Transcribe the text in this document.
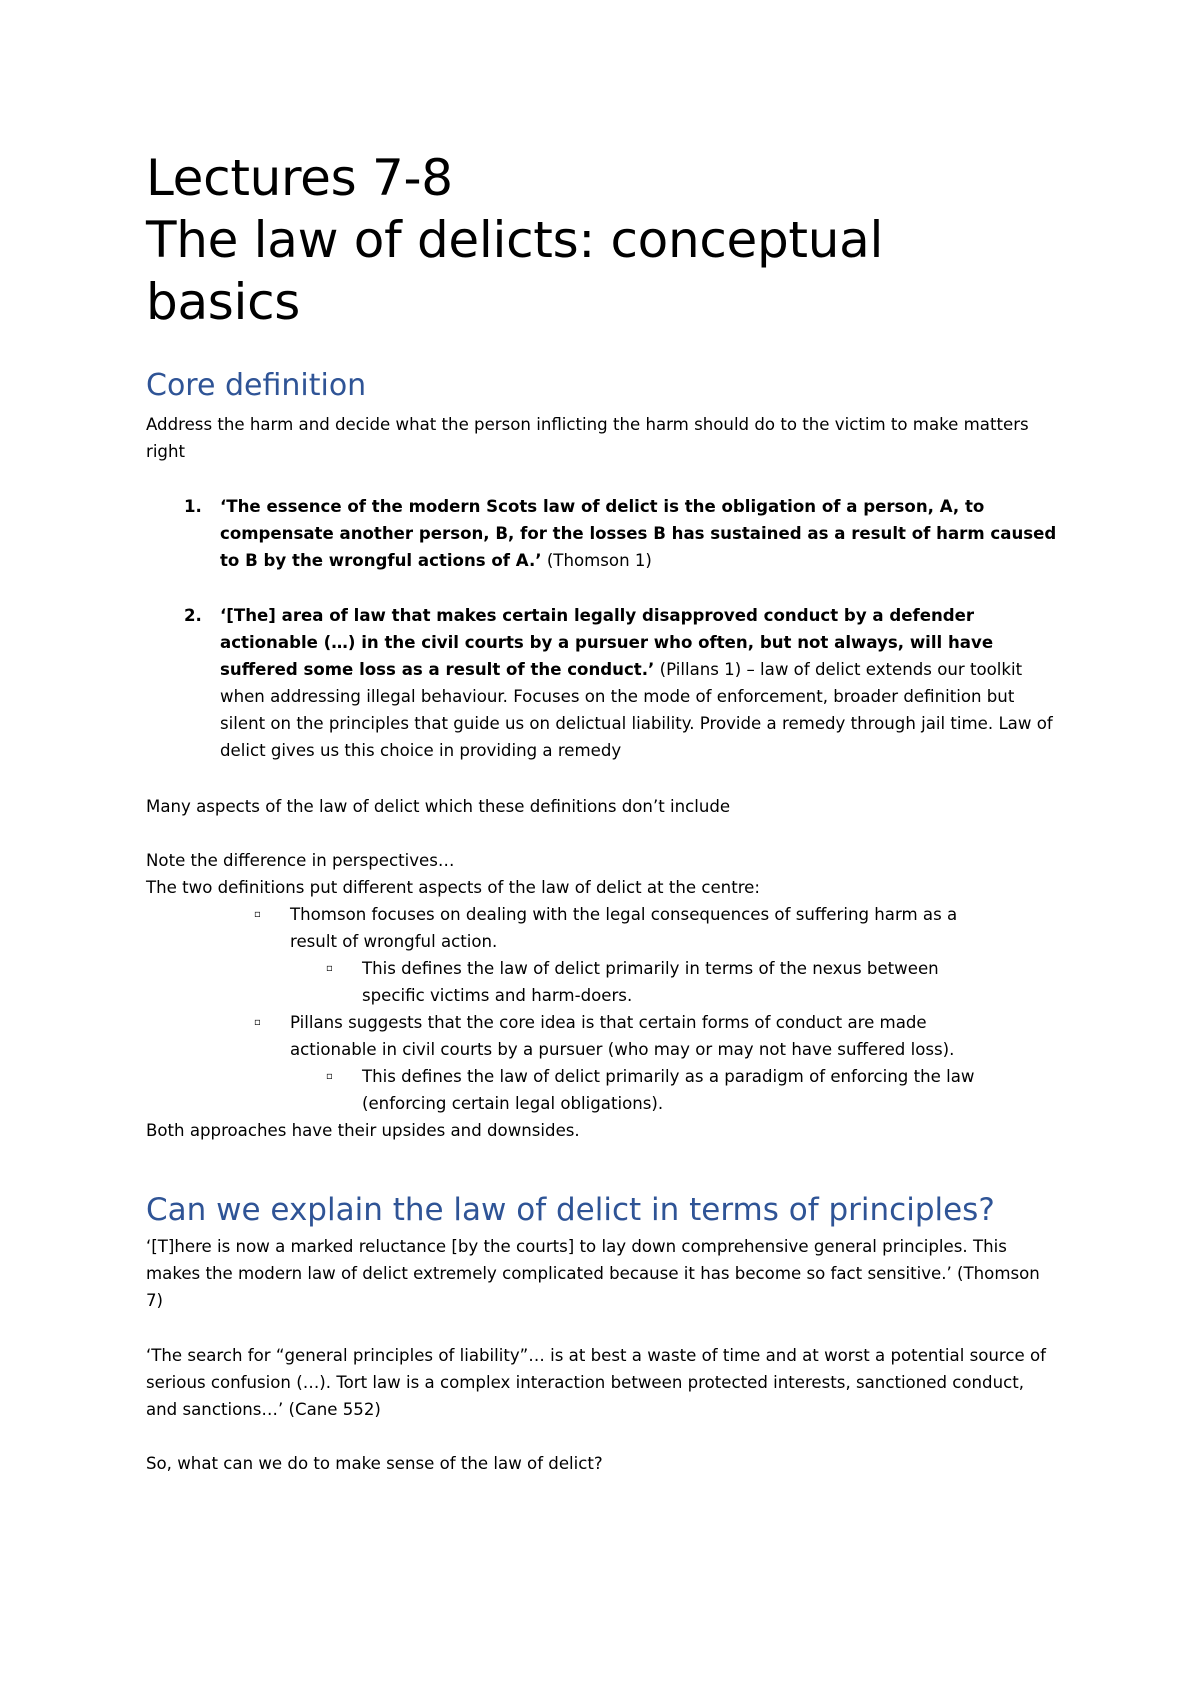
Lectures 7-8
The law of delicts: conceptual
basics
Core definition
Address the harm and decide what the person inflicting the harm should do to the victim to make matters right
1. ‘The essence of the modern Scots law of delict is the obligation of a person, A, to compensate another person, B, for the losses B has sustained as a result of harm caused to B by the wrongful actions of A.’ (Thomson 1)
2. ‘[The] area of law that makes certain legally disapproved conduct by a defender actionable (…) in the civil courts by a pursuer who often, but not always, will have suffered some loss as a result of the conduct.’ (Pillans 1) – law of delict extends our toolkit when addressing illegal behaviour. Focuses on the mode of enforcement, broader definition but silent on the principles that guide us on delictual liability. Provide a remedy through jail time. Law of delict gives us this choice in providing a remedy
Many aspects of the law of delict which these definitions don’t include
Note the difference in perspectives…
The two definitions put different aspects of the law of delict at the centre:
▫ Thomson focuses on dealing with the legal consequences of suffering harm as a result of wrongful action.
▫ This defines the law of delict primarily in terms of the nexus between specific victims and harm-doers.
▫ Pillans suggests that the core idea is that certain forms of conduct are made actionable in civil courts by a pursuer (who may or may not have suffered loss).
▫ This defines the law of delict primarily as a paradigm of enforcing the law (enforcing certain legal obligations).
Both approaches have their upsides and downsides.
Can we explain the law of delict in terms of principles?
‘[T]here is now a marked reluctance [by the courts] to lay down comprehensive general principles. This makes the modern law of delict extremely complicated because it has become so fact sensitive.’ (Thomson 7)
‘The search for “general principles of liability”… is at best a waste of time and at worst a potential source of serious confusion (…). Tort law is a complex interaction between protected interests, sanctioned conduct, and sanctions…’ (Cane 552)
So, what can we do to make sense of the law of delict?
